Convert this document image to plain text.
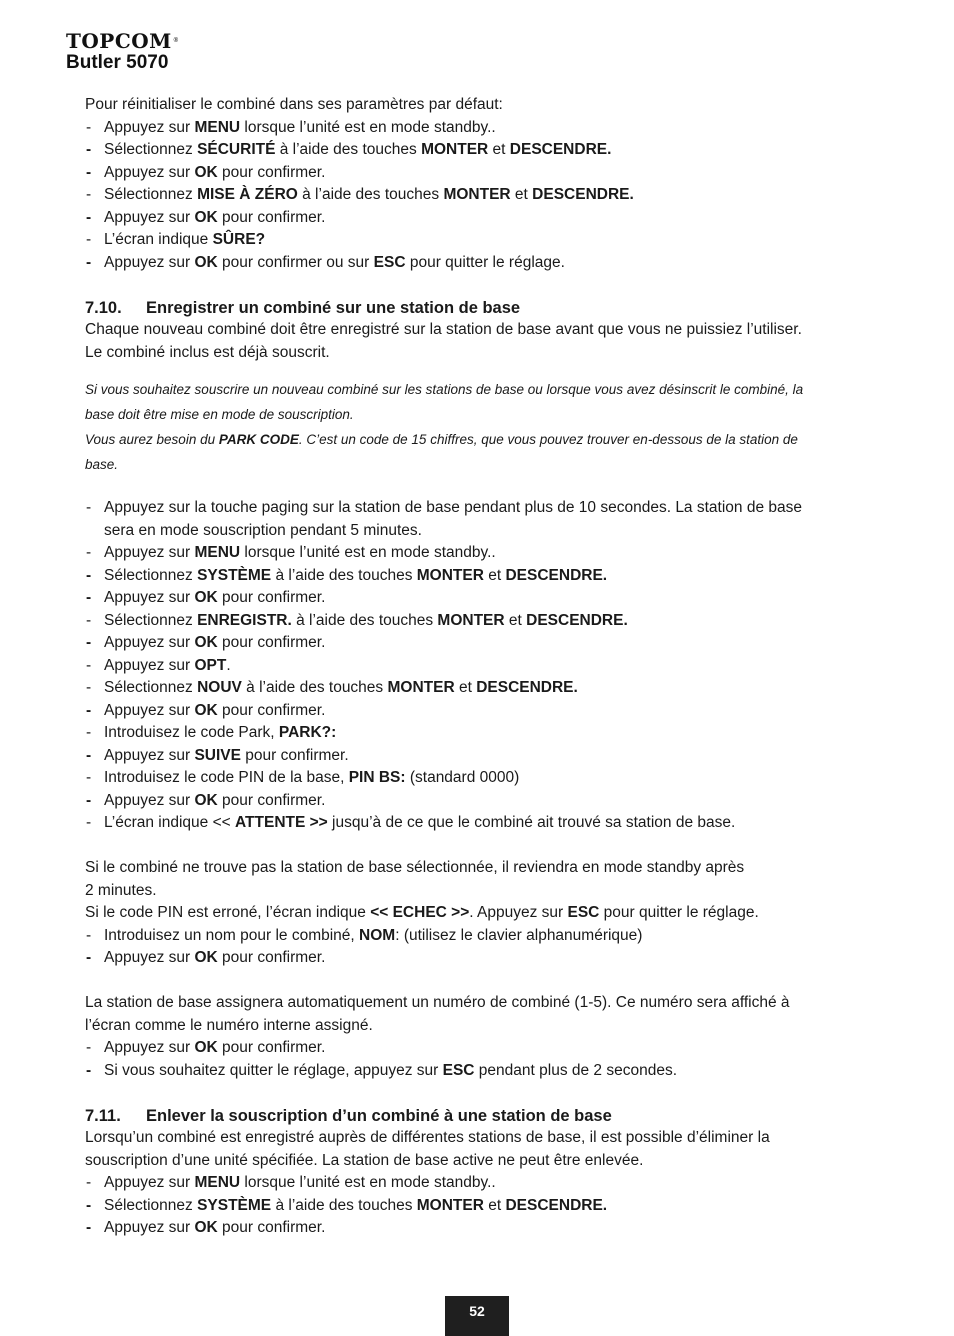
TOPCOM®
Butler 5070

Pour réinitialiser le combiné dans ses paramètres par défaut:

- Appuyez sur MENU lorsque l’unité est en mode standby..
- Sélectionnez SÉCURITÉ à l’aide des touches MONTER et DESCENDRE.
- Appuyez sur OK pour confirmer.
- Sélectionnez MISE À ZÉRO à l’aide des touches MONTER et DESCENDRE.
- Appuyez sur OK pour confirmer.
- L’écran indique SÛRE?
- Appuyez sur OK pour confirmer ou sur ESC pour quitter le réglage.
7.10. Enregistrer un combiné sur une station de base

Chaque nouveau combiné doit être enregistré sur la station de base avant que vous ne puissiez l’utiliser.

Le combiné inclus est déjà souscrit.

Si vous souhaitez souscrire un nouveau combiné sur les stations de base ou lorsque vous avez désinscrit le combiné, la

base doit être mise en mode de souscription.

Vous aurez besoin du PARK CODE. C’est un code de 15 chiffres, que vous pouvez trouver en-dessous de la station de

base.

- Appuyez sur la touche paging sur la station de base pendant plus de 10 secondes. La station de base
sera en mode souscription pendant 5 minutes.
- Appuyez sur MENU lorsque l’unité est en mode standby..
- Sélectionnez SYSTÈME à l’aide des touches MONTER et DESCENDRE.
- Appuyez sur OK pour confirmer.
- Sélectionnez ENREGISTR. à l’aide des touches MONTER et DESCENDRE.
- Appuyez sur OK pour confirmer.
- Appuyez sur OPT.
- Sélectionnez NOUV à l’aide des touches MONTER et DESCENDRE.
- Appuyez sur OK pour confirmer.
- Introduisez le code Park, PARK?:
- Appuyez sur SUIVE pour confirmer.
- Introduisez le code PIN de la base, PIN BS: (standard 0000)
- Appuyez sur OK pour confirmer.
- L’écran indique << ATTENTE >> jusqu’à de ce que le combiné ait trouvé sa station de base.

Si le combiné ne trouve pas la station de base sélectionnée, il reviendra en mode standby après

2 minutes.

Si le code PIN est erroné, l’écran indique << ECHEC >>. Appuyez sur ESC pour quitter le réglage.

- Introduisez un nom pour le combiné, NOM: (utilisez le clavier alphanumérique)
- Appuyez sur OK pour confirmer.

La station de base assignera automatiquement un numéro de combiné (1-5). Ce numéro sera affiché à

l’écran comme le numéro interne assigné.

- Appuyez sur OK pour confirmer.
- Si vous souhaitez quitter le réglage, appuyez sur ESC pendant plus de 2 secondes.
7.11. Enlever la souscription d’un combiné à une station de base

Lorsqu’un combiné est enregistré auprès de différentes stations de base, il est possible d’éliminer la

souscription d’une unité spécifiée. La station de base active ne peut être enlevée.

- Appuyez sur MENU lorsque l’unité est en mode standby..
- Sélectionnez SYSTÈME à l’aide des touches MONTER et DESCENDRE.
- Appuyez sur OK pour confirmer.
52
